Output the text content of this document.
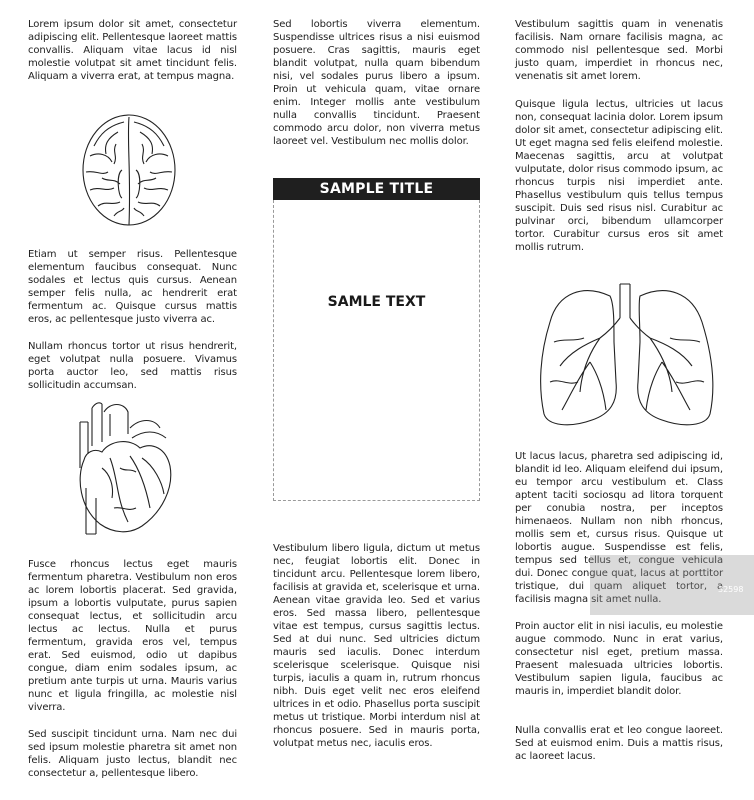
Lorem ipsum dolor sit amet, consectetur adipiscing elit. Pellentesque laoreet mattis convallis. Aliquam vitae lacus id nisl molestie volutpat sit amet tincidunt felis. Aliquam a viverra erat, at tempus magna.

Etiam ut semper risus. Pellentesque elementum faucibus consequat. Nunc sodales et lectus quis cursus. Aenean semper felis nulla, ac hendrerit erat fermentum ac. Quisque cursus mattis eros, ac pellentesque justo viverra ac.

Nullam rhoncus tortor ut risus hendrerit, eget volutpat nulla posuere. Vivamus porta auctor leo, sed mattis risus sollicitudin accumsan.

Fusce rhoncus lectus eget mauris fermentum pharetra. Vestibulum non eros ac lorem lobortis placerat. Sed gravida, ipsum a lobortis vulputate, purus sapien consequat lectus, et sollicitudin arcu lectus ac lectus. Nulla et purus fermentum, gravida eros vel, tempus erat. Sed euismod, odio ut dapibus congue, diam enim sodales ipsum, ac pretium ante turpis ut urna. Mauris varius nunc et ligula fringilla, ac molestie nisl viverra.

Sed suscipit tincidunt urna. Nam nec dui sed ipsum molestie pharetra sit amet non felis. Aliquam justo lectus, blandit nec consectetur a, pellentesque libero.

Sed lobortis viverra elementum. Suspendisse ultrices risus a nisi euismod posuere. Cras sagittis, mauris eget blandit volutpat, nulla quam bibendum nisi, vel sodales purus libero a ipsum. Proin ut vehicula quam, vitae ornare enim. Integer mollis ante vestibulum nulla convallis tincidunt. Praesent commodo arcu dolor, non viverra metus laoreet vel. Vestibulum nec mollis dolor.

SAMPLE TITLE
SAMLE TEXT

Vestibulum libero ligula, dictum ut metus nec, feugiat lobortis elit. Donec in tincidunt arcu. Pellentesque lorem libero, facilisis at gravida et, scelerisque et urna. Aenean vitae gravida leo. Sed et varius eros. Sed massa libero, pellentesque vitae est tempus, cursus sagittis lectus. Sed at dui nunc. Sed ultricies dictum mauris sed iaculis. Donec interdum scelerisque scelerisque. Quisque nisi turpis, iaculis a quam in, rutrum rhoncus nibh. Duis eget velit nec eros eleifend ultrices in et odio. Phasellus porta suscipit metus ut tristique. Morbi interdum nisl at rhoncus posuere. Sed in mauris porta, volutpat metus nec, iaculis eros.

Vestibulum sagittis quam in venenatis facilisis. Nam ornare facilisis magna, ac commodo nisl pellentesque sed. Morbi justo quam, imperdiet in rhoncus nec, venenatis sit amet lorem.

Quisque ligula lectus, ultricies ut lacus non, consequat lacinia dolor. Lorem ipsum dolor sit amet, consectetur adipiscing elit. Ut eget magna sed felis eleifend molestie. Maecenas sagittis, arcu at volutpat vulputate, dolor risus commodo ipsum, ac rhoncus turpis nisi imperdiet ante. Phasellus vestibulum quis tellus tempus suscipit. Duis sed risus nisl. Curabitur ac pulvinar orci, bibendum ullamcorper tortor. Curabitur cursus eros sit amet mollis rutrum.

Ut lacus lacus, pharetra sed adipiscing id, blandit id leo. Aliquam eleifend dui ipsum, eu tempor arcu vestibulum et. Class aptent taciti sociosqu ad litora torquent per conubia nostra, per inceptos himenaeos. Nullam non nibh rhoncus, mollis sem et, cursus risus. Quisque ut lobortis augue. Suspendisse est felis, tempus sed tellus et, congue vehicula dui. Donec congue quat, lacus at porttitor tristique, dui quam aliquet tortor, a facilisis magna sit amet nulla.

Proin auctor elit in nisi iaculis, eu molestie augue commodo. Nunc in erat varius, consectetur nisl eget, pretium massa. Praesent malesuada ultricies lobortis. Vestibulum sapien ligula, faucibus ac mauris in, imperdiet blandit dolor.

Nulla convallis erat et leo congue laoreet. Sed at euismod enim. Duis a mattis risus, ac laoreet lacus.

32598
